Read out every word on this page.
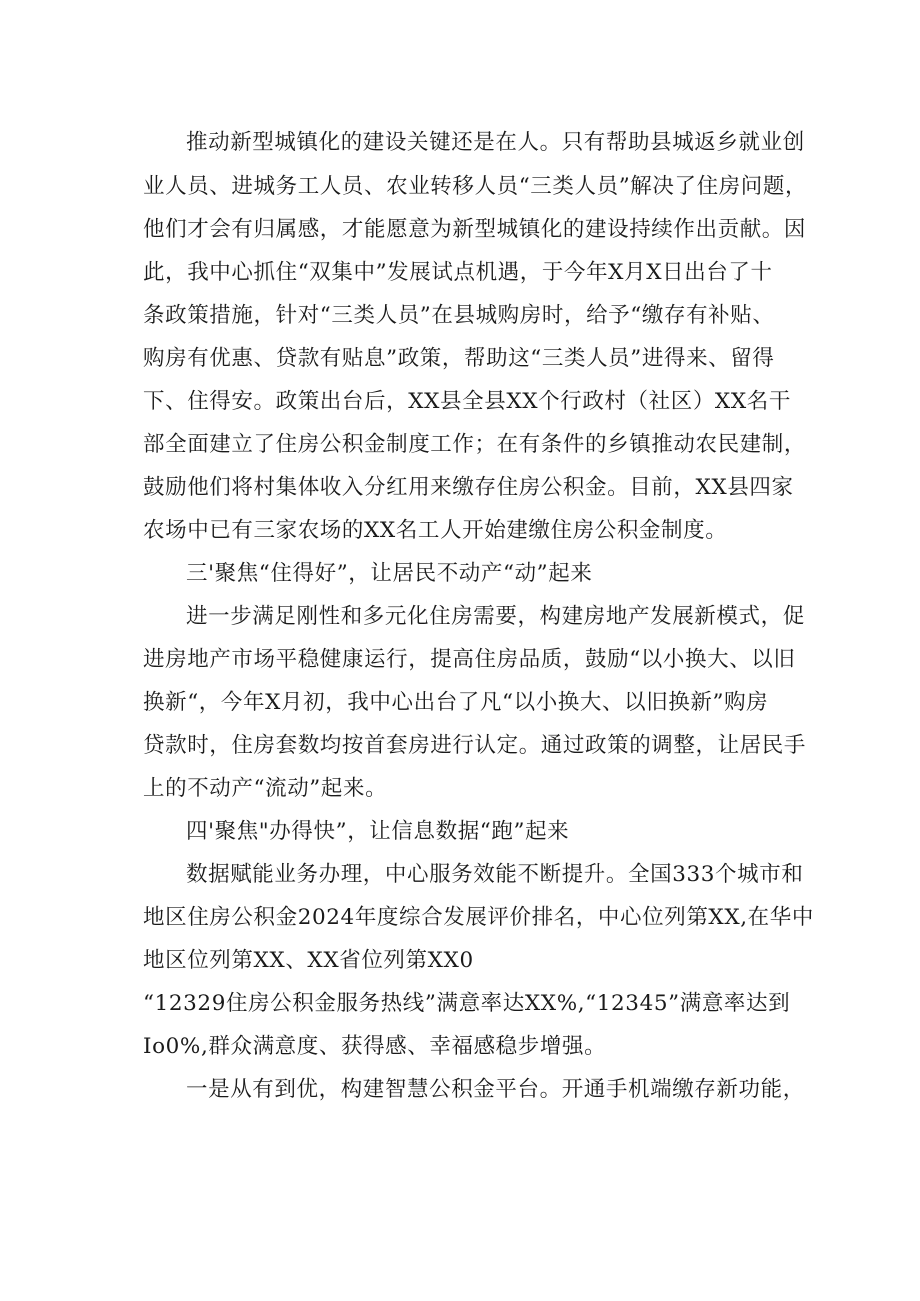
推动新型城镇化的建设关键还是在人。只有帮助县城返乡就业创
业人员、进城务工人员、农业转移人员“三类人员”解决了住房问题，
他们才会有归属感，才能愿意为新型城镇化的建设持续作出贡献。因
此，我中心抓住“双集中”发展试点机遇，于今年X月X日出台了十
条政策措施，针对“三类人员”在县城购房时，给予“缴存有补贴、
购房有优惠、贷款有贴息”政策，帮助这“三类人员”进得来、留得
下、住得安。政策出台后，XX县全县XX个行政村（社区）XX名干
部全面建立了住房公积金制度工作；在有条件的乡镇推动农民建制，
鼓励他们将村集体收入分红用来缴存住房公积金。目前，XX县四家
农场中已有三家农场的XX名工人开始建缴住房公积金制度。
三'聚焦“住得好”，让居民不动产“动”起来
进一步满足刚性和多元化住房需要，构建房地产发展新模式，促
进房地产市场平稳健康运行，提高住房品质，鼓励“以小换大、以旧
换新“，今年X月初，我中心出台了凡“以小换大、以旧换新”购房
贷款时，住房套数均按首套房进行认定。通过政策的调整，让居民手
上的不动产“流动”起来。
四'聚焦"办得快”，让信息数据“跑”起来
数据赋能业务办理，中心服务效能不断提升。全国333个城市和
地区住房公积金2024年度综合发展评价排名，中心位列第XX,在华中
地区位列第XX、XX省位列第XX0
“12329住房公积金服务热线”满意率达XX%,“12345”满意率达到
Io0%,群众满意度、获得感、幸福感稳步增强。
一是从有到优，构建智慧公积金平台。开通手机端缴存新功能，
